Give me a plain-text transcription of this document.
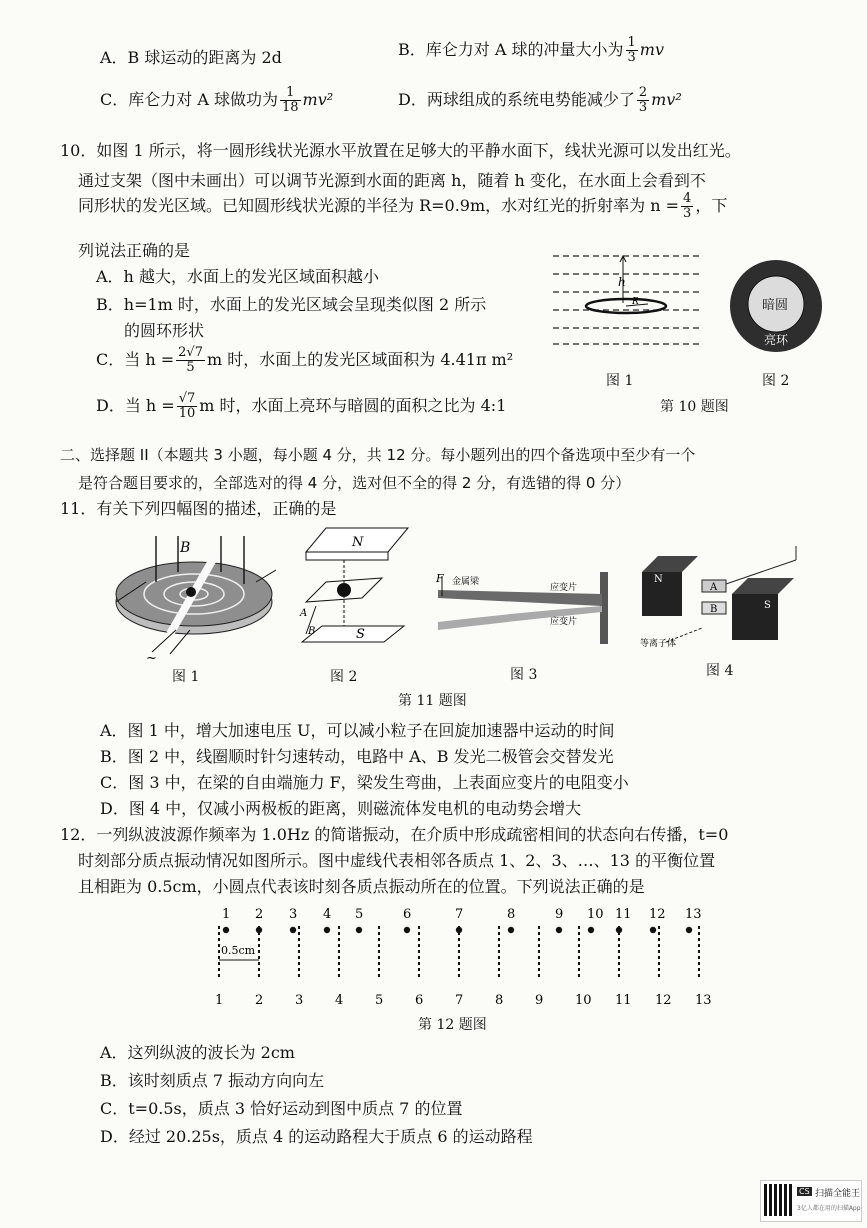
A．B 球运动的距离为 2d	B．库仑力对 A 球的冲量大小为 $\frac{1}{3}$ mv
C．库仑力对 A 球做功为 $\frac{1}{18} mv^2$	D．两球组成的系统电势能减少了 $\frac{2}{3} mv^2$
10．如图 1 所示，将一圆形线状光源水平放置在足够大的平静水面下，线状光源可以发出红光。
通过支架（图中未画出）可以调节光源到水面的距离 h，随着 h 变化，在水面上会看到不
同形状的发光区域。已知圆形线状光源的半径为 R=0.9m，水对红光的折射率为 $n = \frac{4}{3}$ ，下
列说法正确的是
A．h 越大，水面上的发光区域面积越小
B．h=1m 时，水面上的发光区域会呈现类似图 2 所示
的圆环形状
C．当 $h = \frac{2√7}{5}$ m 时，水面上的发光区域面积为 4.41π m²
D．当 $h = \frac{√7}{10}$ m 时，水面上亮环与暗圆的面积之比为 4:1
h
R
图 1
暗圆
亮环
图 2
第 10 题图
二、选择题 II（本题共 3 小题，每小题 4 分，共 12 分。每小题列出的四个备选项中至少有一个
是符合题目要求的，全部选对的得 4 分，选对但不全的得 2 分，有选错的得 0 分）
11．有关下列四幅图的描述，正确的是
B
~
图 1
N
S
A
B
图 2
F 金属梁
应变片
应变片
图 3
N
S
A
B
等离子体
图 4
第 11 题图
A．图 1 中，增大加速电压 U，可以减小粒子在回旋加速器中运动的时间
B．图 2 中，线圈顺时针匀速转动，电路中 A、B 发光二极管会交替发光
C．图 3 中，在梁的自由端施力 F，梁发生弯曲，上表面应变片的电阻变小
D．图 4 中，仅减小两极板的距离，则磁流体发电机的电动势会增大
12．一列纵波波源作频率为 1.0Hz 的简谐振动，在介质中形成疏密相间的状态向右传播，t=0
时刻部分质点振动情况如图所示。图中虚线代表相邻各质点 1、2、3、…、13 的平衡位置
且相距为 0.5cm，小圆点代表该时刻各质点振动所在的位置。下列说法正确的是
1
1
2
2
3
3
4
4
5
5
6
6
7
7
8
8
9
9
10
10
11
11
12
12
13
13
0.5cm
第 12 题图
A．这列纵波的波长为 2cm
B．该时刻质点 7 振动方向向左
C．t=0.5s，质点 3 恰好运动到图中质点 7 的位置
D．经过 20.25s，质点 4 的运动路程大于质点 6 的运动路程
CS 扫描全能王
3亿人都在用的扫描App
